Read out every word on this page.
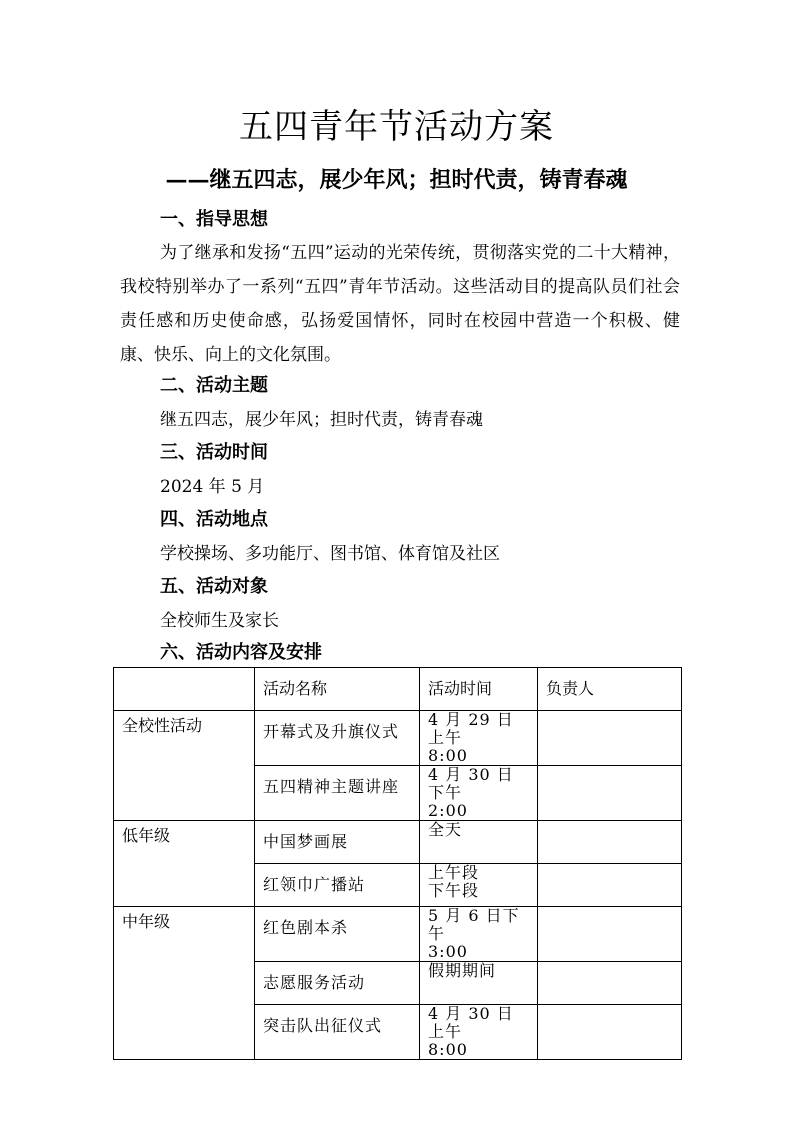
五四青年节活动方案
——继五四志，展少年风；担时代责，铸青春魂
一、指导思想
为了继承和发扬“五四”运动的光荣传统，贯彻落实党的二十大精神，我校特别举办了一系列“五四”青年节活动。这些活动目的提高队员们社会责任感和历史使命感，弘扬爱国情怀，同时在校园中营造一个积极、健康、快乐、向上的文化氛围。
二、活动主题
继五四志，展少年风；担时代责，铸青春魂
三、活动时间
2024 年 5 月
四、活动地点
学校操场、多功能厅、图书馆、体育馆及社区
五、活动对象
全校师生及家长
六、活动内容及安排
	活动名称	活动时间	负责人
全校性活动	开幕式及升旗仪式	4 月 29 日上午
8:00	

	五四精神主题讲座	4 月 30 日下午
2:00	

低年级	中国梦画展	全天	

	红领巾广播站	上午段
下午段	

中年级	红色剧本杀	5 月 6 日下午
3:00	

	志愿服务活动	假期期间	

	突击队出征仪式	4 月 30 日上午
8:00	
